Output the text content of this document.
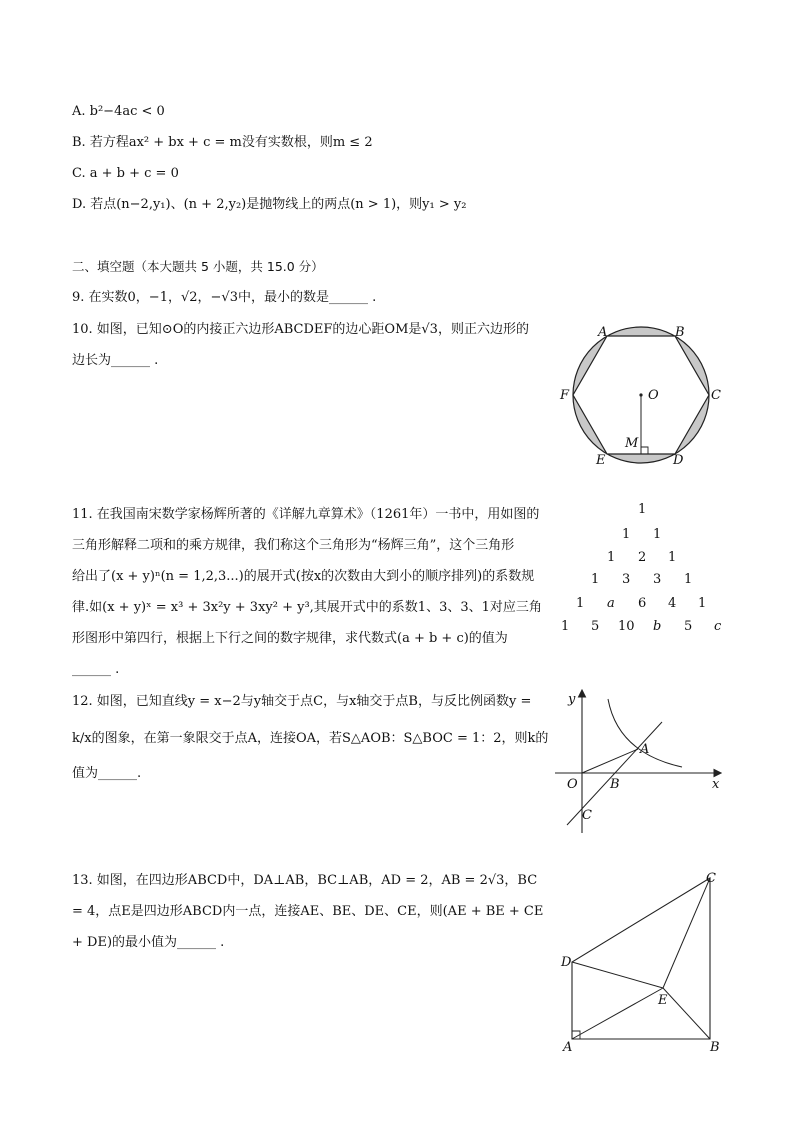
A. b²−4ac < 0
B. 若方程ax² + bx + c = m没有实数根，则m ≤ 2
C. a + b + c = 0
D. 若点(n−2,y₁)、(n + 2,y₂)是抛物线上的两点(n > 1)，则y₁ > y₂
二、填空题（本大题共 5 小题，共 15.0 分）
9. 在实数0，−1，√2，−√3中，最小的数是______ .
10. 如图，已知⊙O的内接正六边形ABCDEF的边心距OM是√3，则正六边形的
边长为______ .
A	B
C
D
E
F	O
M
11. 在我国南宋数学家杨辉所著的《详解九章算术》（1261年）一书中，用如图的
三角形解释二项和的乘方规律，我们称这个三角形为“杨辉三角”，这个三角形
给出了(x + y)ⁿ(n = 1,2,3...)的展开式(按x的次数由大到小的顺序排列)的系数规
律.如(x + y)ˣ = x³ + 3x²y + 3xy² + y³,其展开式中的系数1、3、3、1对应三角
形图形中第四行，根据上下行之间的数字规律，求代数式(a + b + c)的值为
______ .
1
1 1
1 2 1
1 3 3 1
1 a 6 4 1
1 5 10 b 5 c
12. 如图，已知直线y = x−2与y轴交于点C，与x轴交于点B，与反比例函数y =
k/x的图象，在第一象限交于点A，连接OA，若S△AOB：S△BOC = 1：2，则k的
值为______.
y
x
O
A
B
C
13. 如图，在四边形ABCD中，DA⊥AB，BC⊥AB，AD = 2，AB = 2√3，BC
= 4，点E是四边形ABCD内一点，连接AE、BE、DE、CE，则(AE + BE + CE
+ DE)的最小值为______ .
A	B
C
D
E
